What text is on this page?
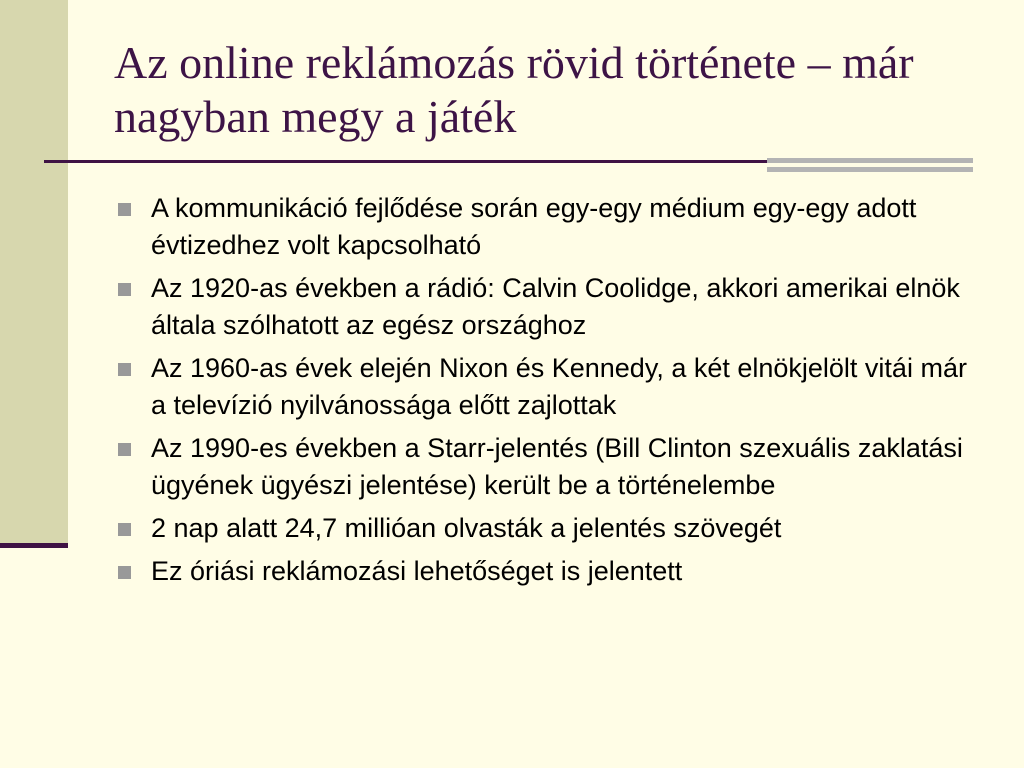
Az online reklámozás rövid története – már nagyban megy a játék
A kommunikáció fejlődése során egy-egy médium egy-egy adott évtizedhez volt kapcsolható
Az 1920-as években a rádió: Calvin Coolidge, akkori amerikai elnök általa szólhatott az egész országhoz
Az 1960-as évek elején Nixon és Kennedy, a két elnökjelölt vitái már a televízió nyilvánossága előtt zajlottak
Az 1990-es években a Starr-jelentés (Bill Clinton szexuális zaklatási ügyének ügyészi jelentése) került be a történelembe
2 nap alatt 24,7 millióan olvasták a jelentés szövegét
Ez óriási reklámozási lehetőséget is jelentett
